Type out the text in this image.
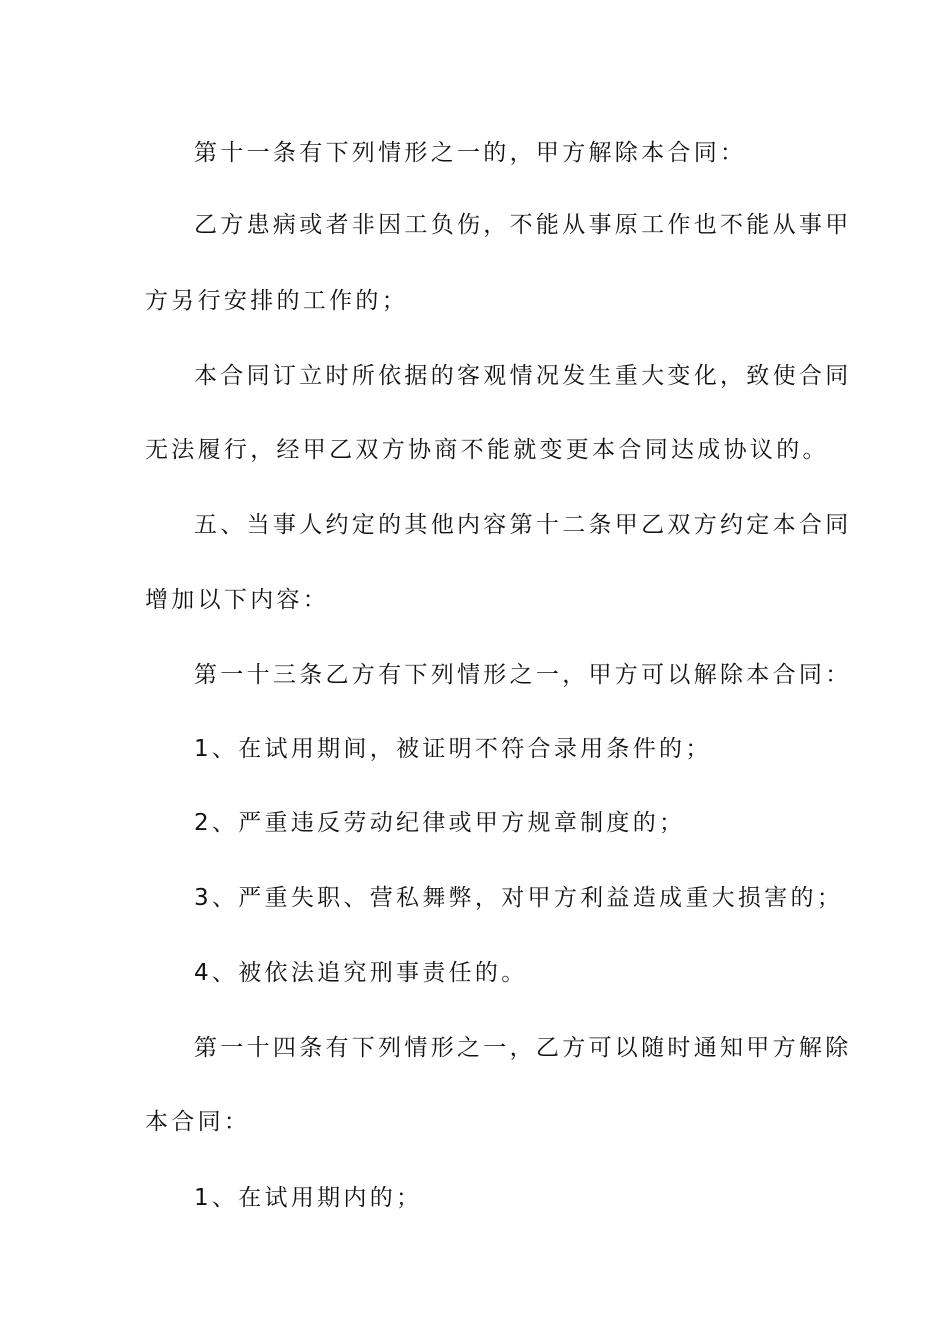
第十一条有下列情形之一的，甲方解除本合同：
乙方患病或者非因工负伤，不能从事原工作也不能从事甲
方另行安排的工作的；
本合同订立时所依据的客观情况发生重大变化，致使合同
无法履行，经甲乙双方协商不能就变更本合同达成协议的。
五、当事人约定的其他内容第十二条甲乙双方约定本合同
增加以下内容：
第一十三条乙方有下列情形之一，甲方可以解除本合同：
1、在试用期间，被证明不符合录用条件的；
2、严重违反劳动纪律或甲方规章制度的；
3、严重失职、营私舞弊，对甲方利益造成重大损害的；
4、被依法追究刑事责任的。
第一十四条有下列情形之一，乙方可以随时通知甲方解除
本合同：
1、在试用期内的；
